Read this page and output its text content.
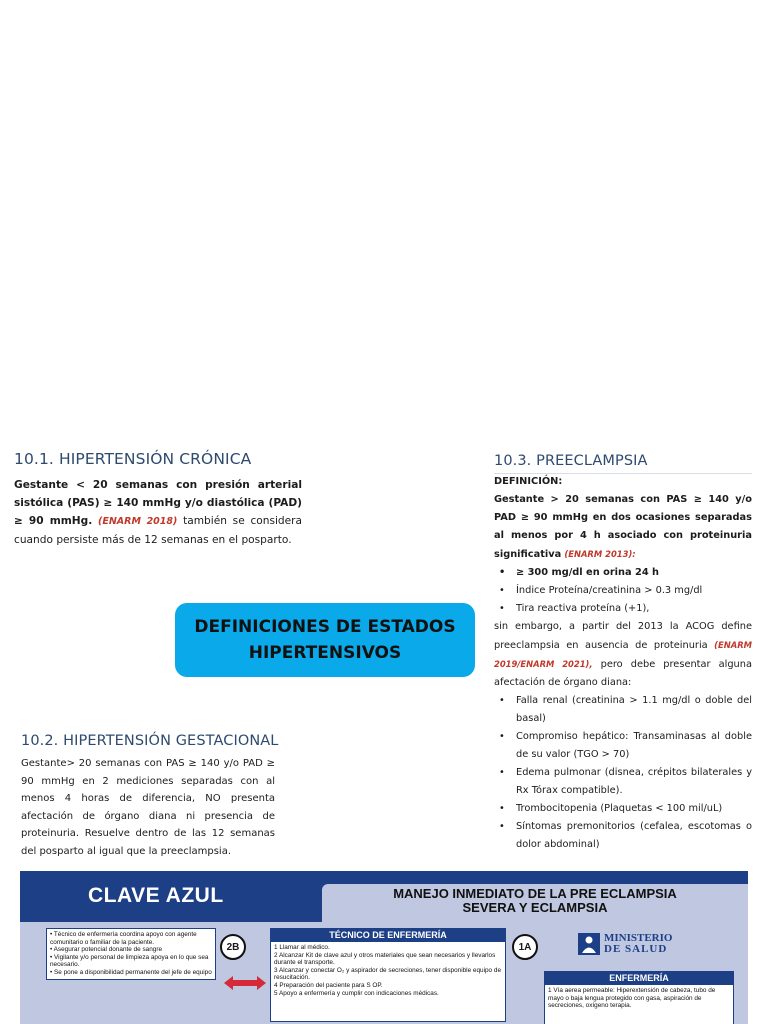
10.1. HIPERTENSIÓN CRÓNICA
Gestante < 20 semanas con presión arterial sistólica (PAS) ≥ 140 mmHg y/o diastólica (PAD) ≥ 90 mmHg. (ENARM 2018) también se considera cuando persiste más de 12 semanas en el posparto.
DEFINICIONES DE ESTADOS
HIPERTENSIVOS
10.2. HIPERTENSIÓN GESTACIONAL
Gestante> 20 semanas con PAS ≥ 140 y/o PAD ≥ 90 mmHg en 2 mediciones separadas con al menos 4 horas de diferencia, NO presenta afectación de órgano diana ni presencia de proteinuria. Resuelve dentro de las 12 semanas del posparto al igual que la preeclampsia.
10.3. PREECLAMPSIA
DEFINICIÓN:
Gestante > 20 semanas con PAS ≥ 140 y/o PAD ≥ 90 mmHg en dos ocasiones separadas al menos por 4 h asociado con proteinuria significativa (ENARM 2013):
• ≥ 300 mg/dl en orina 24 h
• Índice Proteína/creatinina > 0.3 mg/dl
• Tira reactiva proteína (+1),
sin embargo, a partir del 2013 la ACOG define preeclampsia en ausencia de proteinuria (ENARM 2019/ENARM 2021), pero debe presentar alguna afectación de órgano diana:
• Falla renal (creatinina > 1.1 mg/dl o doble del basal)
• Compromiso hepático: Transaminasas al doble de su valor (TGO > 70)
• Edema pulmonar (disnea, crépitos bilaterales y Rx Tórax compatible).
• Trombocitopenia (Plaquetas < 100 mil/uL)
• Síntomas premonitorios (cefalea, escotomas o dolor abdominal)
CLAVE AZUL	MANEJO INMEDIATO DE LA PRE ECLAMPSIA
SEVERA Y ECLAMPSIA
• Técnico de enfermería coordina apoyo con agente comunitario o familiar de la paciente.
• Asegurar potencial donante de sangre
• Vigilante y/o personal de limpieza apoya en lo que sea necesario.
• Se pone a disponibilidad permanente del jefe de equipo
2B
TÉCNICO DE ENFERMERÍA
1 Llamar al médico.
2 Alcanzar Kit de clave azul y otros materiales que sean necesarios y llevarlos durante el transporte.
3 Alcanzar y conectar O₂ y aspirador de secreciones, tener disponible equipo de resucitación.
4 Preparación del paciente para S OP.
5 Apoyo a enfermería y cumplir con indicaciones médicas.
1A
MINISTERIO
DE SALUD
ENFERMERÍA
1 Vía aerea permeable: Hiperextensión de cabeza, tubo de mayo o baja lengua protegido con gasa, aspiración de secreciones, oxígeno terapia.
